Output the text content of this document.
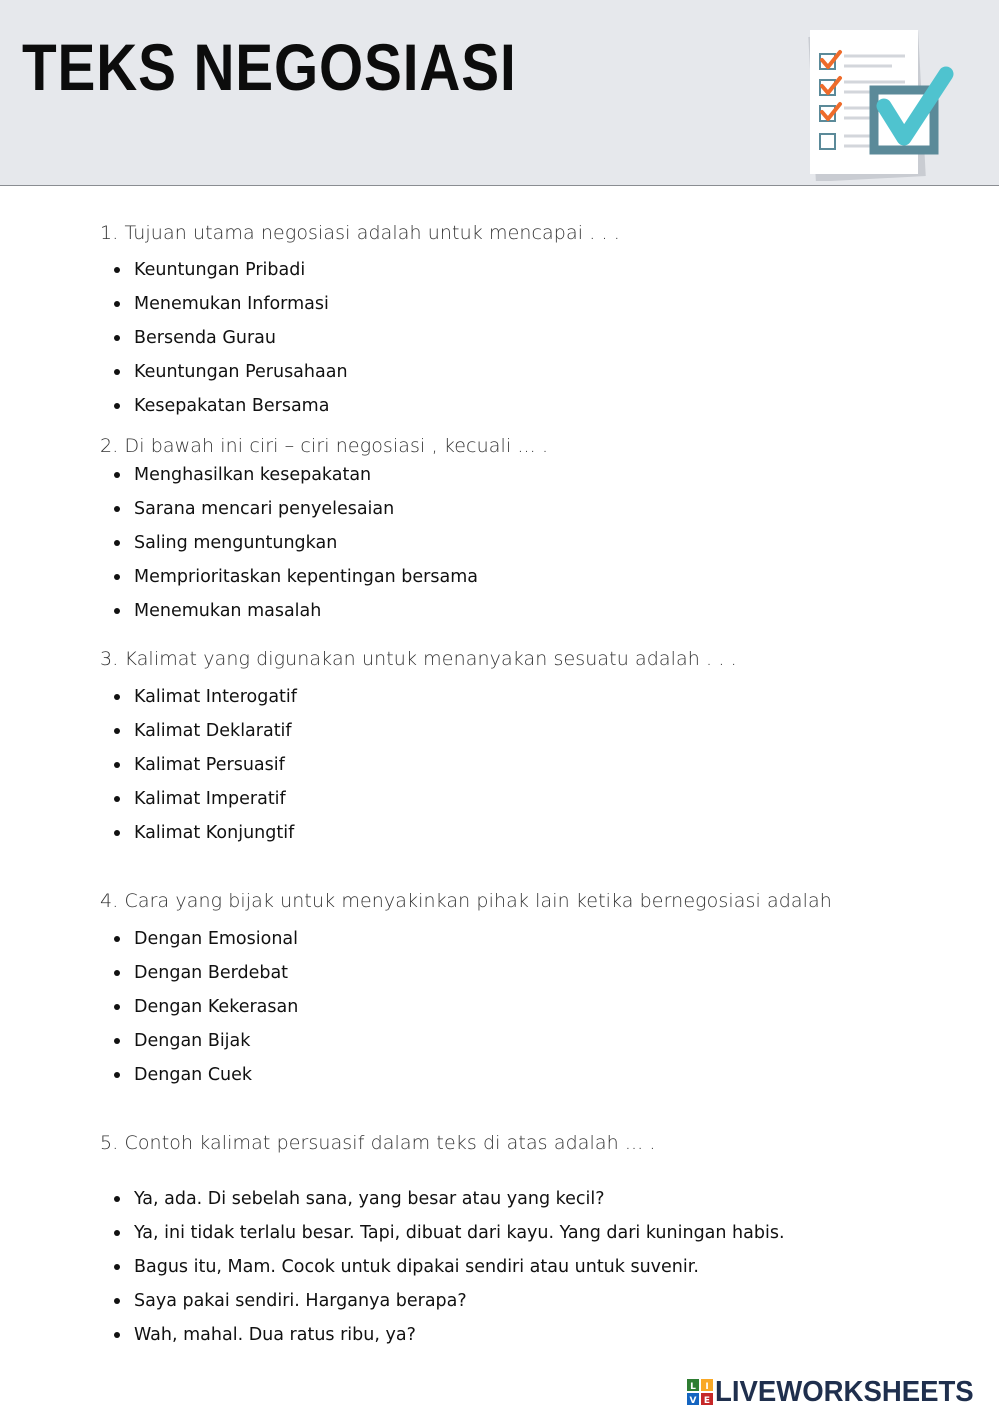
TEKS NEGOSIASI

1. Tujuan utama negosiasi adalah untuk mencapai . . .

Keuntungan Pribadi
Menemukan Informasi
Bersenda Gurau
Keuntungan Perusahaan
Kesepakatan Bersama

2. Di bawah ini ciri – ciri negosiasi , kecuali ... .

Menghasilkan kesepakatan
Sarana mencari penyelesaian
Saling menguntungkan
Memprioritaskan kepentingan bersama
Menemukan masalah

3. Kalimat yang digunakan untuk menanyakan sesuatu adalah . . .

Kalimat Interogatif
Kalimat Deklaratif
Kalimat Persuasif
Kalimat Imperatif
Kalimat Konjungtif

4. Cara yang bijak untuk menyakinkan pihak lain ketika bernegosiasi adalah

Dengan Emosional
Dengan Berdebat
Dengan Kekerasan
Dengan Bijak
Dengan Cuek

5. Contoh kalimat persuasif dalam teks di atas adalah ... .

Ya, ada. Di sebelah sana, yang besar atau yang kecil?
Ya, ini tidak terlalu besar. Tapi, dibuat dari kayu. Yang dari kuningan habis.
Bagus itu, Mam. Cocok untuk dipakai sendiri atau untuk suvenir.
Saya pakai sendiri. Harganya berapa?
Wah, mahal. Dua ratus ribu, ya?
L I
V E LIVEWORKSHEETS
